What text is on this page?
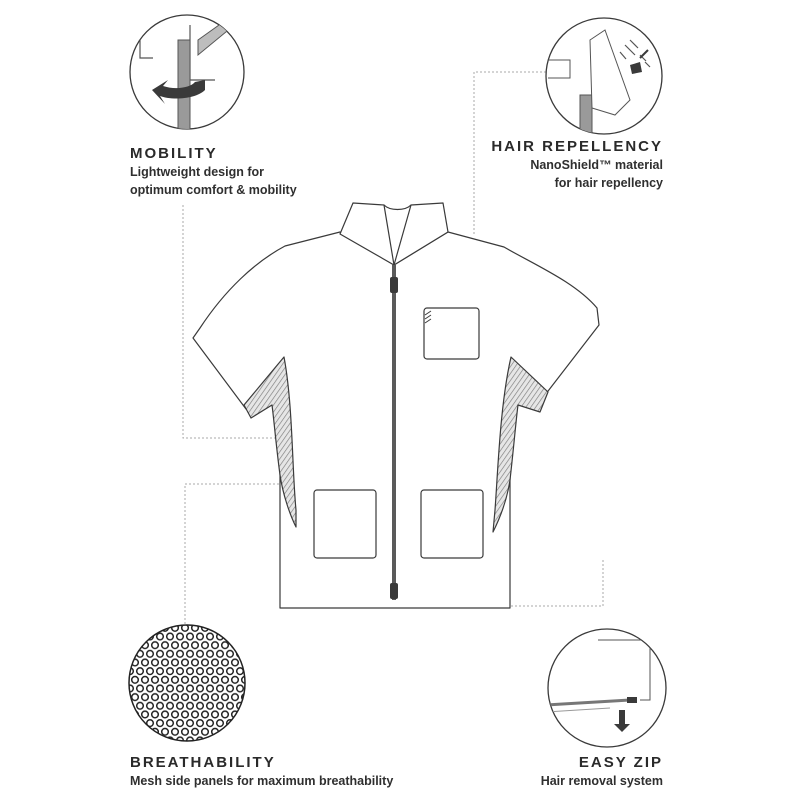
MOBILITY
Lightweight design for
optimum comfort & mobility
HAIR REPELLENCY
NanoShield™ material
for hair repellency
BREATHABILITY
Mesh side panels for maximum breathability
EASY ZIP
Hair removal system
